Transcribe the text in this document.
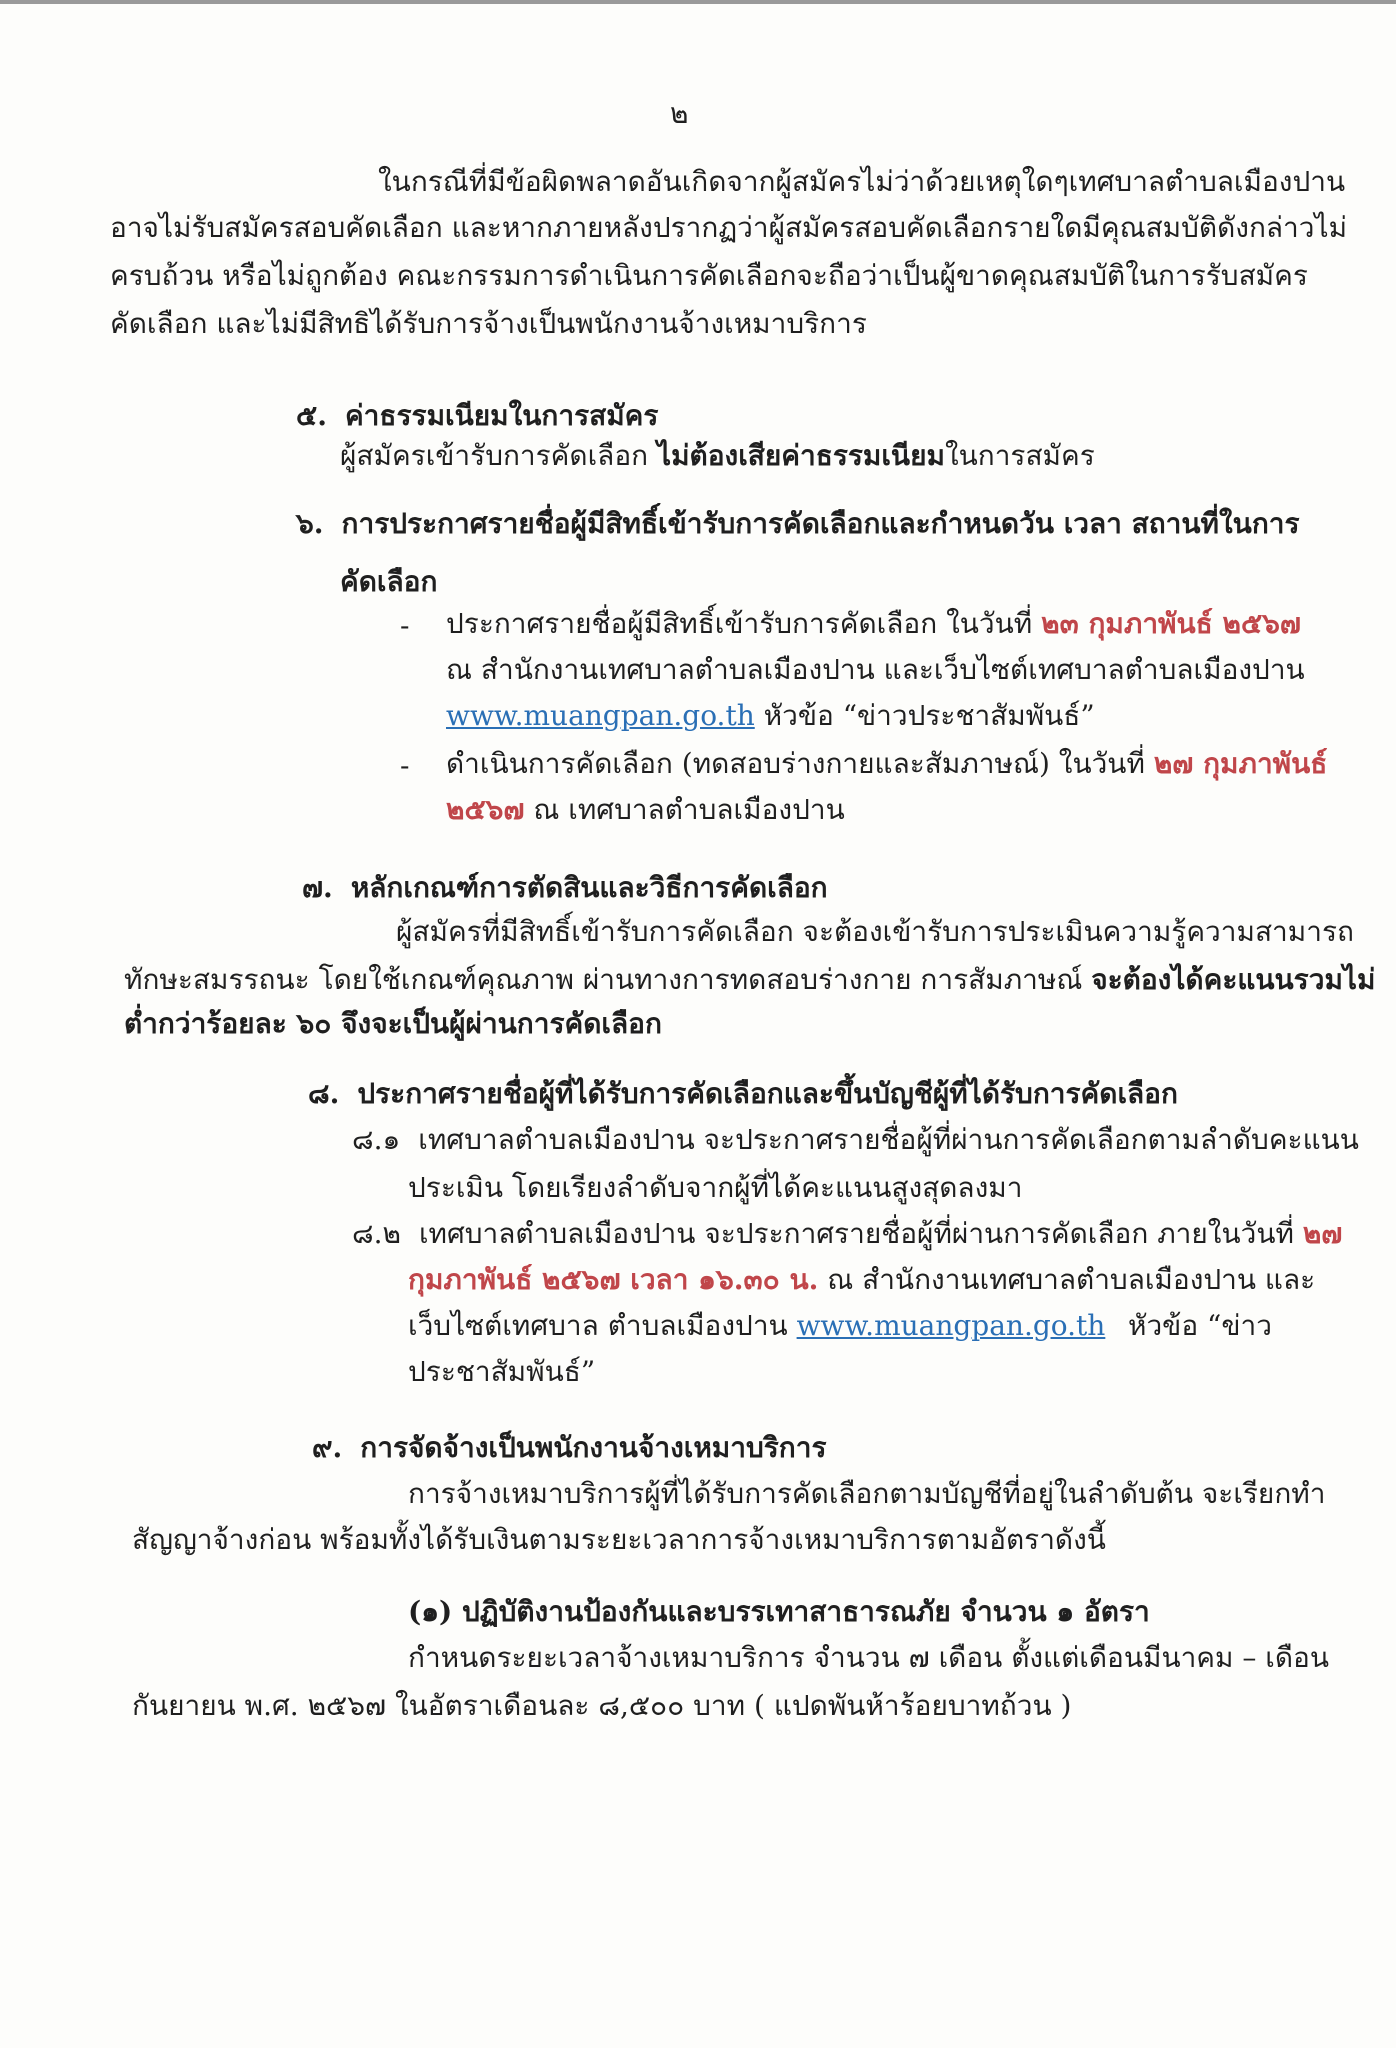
๒
ในกรณีที่มีข้อผิดพลาดอันเกิดจากผู้สมัครไม่ว่าด้วยเหตุใดๆเทศบาลตำบลเมืองปาน
อาจไม่รับสมัครสอบคัดเลือก และหากภายหลังปรากฏว่าผู้สมัครสอบคัดเลือกรายใดมีคุณสมบัติดังกล่าวไม่
ครบถ้วน หรือไม่ถูกต้อง คณะกรรมการดำเนินการคัดเลือกจะถือว่าเป็นผู้ขาดคุณสมบัติในการรับสมัคร
คัดเลือก และไม่มีสิทธิได้รับการจ้างเป็นพนักงานจ้างเหมาบริการ
๕. ค่าธรรมเนียมในการสมัคร
ผู้สมัครเข้ารับการคัดเลือก ไม่ต้องเสียค่าธรรมเนียมในการสมัคร
๖. การประกาศรายชื่อผู้มีสิทธิ์เข้ารับการคัดเลือกและกำหนดวัน เวลา สถานที่ในการ
คัดเลือก
- ประกาศรายชื่อผู้มีสิทธิ์เข้ารับการคัดเลือก ในวันที่ ๒๓ กุมภาพันธ์ ๒๕๖๗
ณ สำนักงานเทศบาลตำบลเมืองปาน และเว็บไซต์เทศบาลตำบลเมืองปาน
www.muangpan.go.th หัวข้อ “ข่าวประชาสัมพันธ์”
- ดำเนินการคัดเลือก (ทดสอบร่างกายและสัมภาษณ์) ในวันที่ ๒๗ กุมภาพันธ์
๒๕๖๗ ณ เทศบาลตำบลเมืองปาน
๗. หลักเกณฑ์การตัดสินและวิธีการคัดเลือก
ผู้สมัครที่มีสิทธิ์เข้ารับการคัดเลือก จะต้องเข้ารับการประเมินความรู้ความสามารถ
ทักษะสมรรถนะ โดยใช้เกณฑ์คุณภาพ ผ่านทางการทดสอบร่างกาย การสัมภาษณ์ จะต้องได้คะแนนรวมไม่
ต่ำกว่าร้อยละ ๖๐ จึงจะเป็นผู้ผ่านการคัดเลือก
๘. ประกาศรายชื่อผู้ที่ได้รับการคัดเลือกและขึ้นบัญชีผู้ที่ได้รับการคัดเลือก
๘.๑ เทศบาลตำบลเมืองปาน จะประกาศรายชื่อผู้ที่ผ่านการคัดเลือกตามลำดับคะแนน
ประเมิน โดยเรียงลำดับจากผู้ที่ได้คะแนนสูงสุดลงมา
๘.๒ เทศบาลตำบลเมืองปาน จะประกาศรายชื่อผู้ที่ผ่านการคัดเลือก ภายในวันที่ ๒๗
กุมภาพันธ์ ๒๕๖๗ เวลา ๑๖.๓๐ น. ณ สำนักงานเทศบาลตำบลเมืองปาน และ
เว็บไซต์เทศบาล ตำบลเมืองปาน www.muangpan.go.th หัวข้อ “ข่าว
ประชาสัมพันธ์”
๙. การจัดจ้างเป็นพนักงานจ้างเหมาบริการ
การจ้างเหมาบริการผู้ที่ได้รับการคัดเลือกตามบัญชีที่อยู่ในลำดับต้น จะเรียกทำ
สัญญาจ้างก่อน พร้อมทั้งได้รับเงินตามระยะเวลาการจ้างเหมาบริการตามอัตราดังนี้
(๑) ปฏิบัติงานป้องกันและบรรเทาสาธารณภัย จำนวน ๑ อัตรา
กำหนดระยะเวลาจ้างเหมาบริการ จำนวน ๗ เดือน ตั้งแต่เดือนมีนาคม – เดือน
กันยายน พ.ศ. ๒๕๖๗ ในอัตราเดือนละ ๘,๕๐๐ บาท ( แปดพันห้าร้อยบาทถ้วน )
